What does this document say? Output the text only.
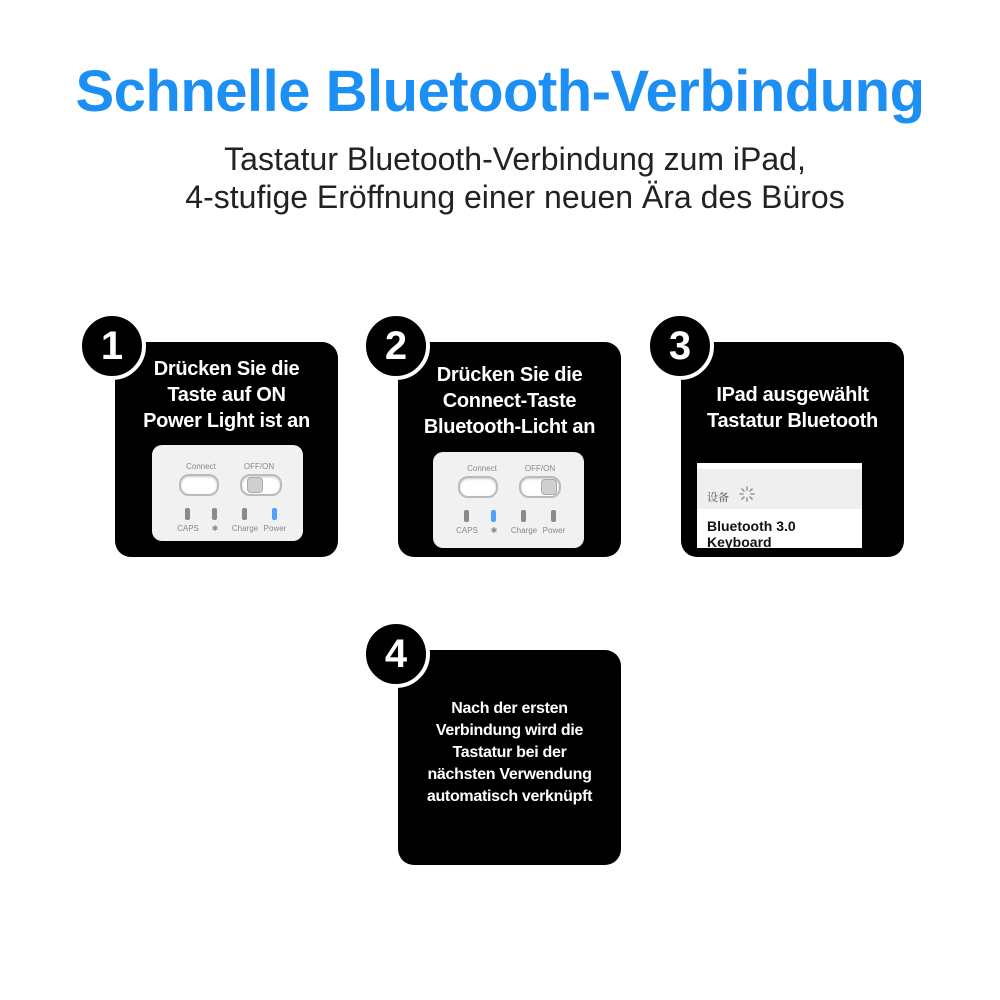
Schnelle Bluetooth-Verbindung
Tastatur Bluetooth-Verbindung zum iPad,
4-stufige Eröffnung einer neuen Ära des Büros
Drücken Sie die
Taste auf ON
Power Light ist an
Connect	OFF/ON
CAPS	✱	Charge Power
1
Drücken Sie die
Connect-Taste
Bluetooth-Licht an
Connect	OFF/ON
CAPS	✱	Charge Power
2
IPad ausgewählt
Tastatur Bluetooth
设备
Bluetooth 3.0 Keyboard
3
Nach der ersten
Verbindung wird die
Tastatur bei der
nächsten Verwendung
automatisch verknüpft
4
